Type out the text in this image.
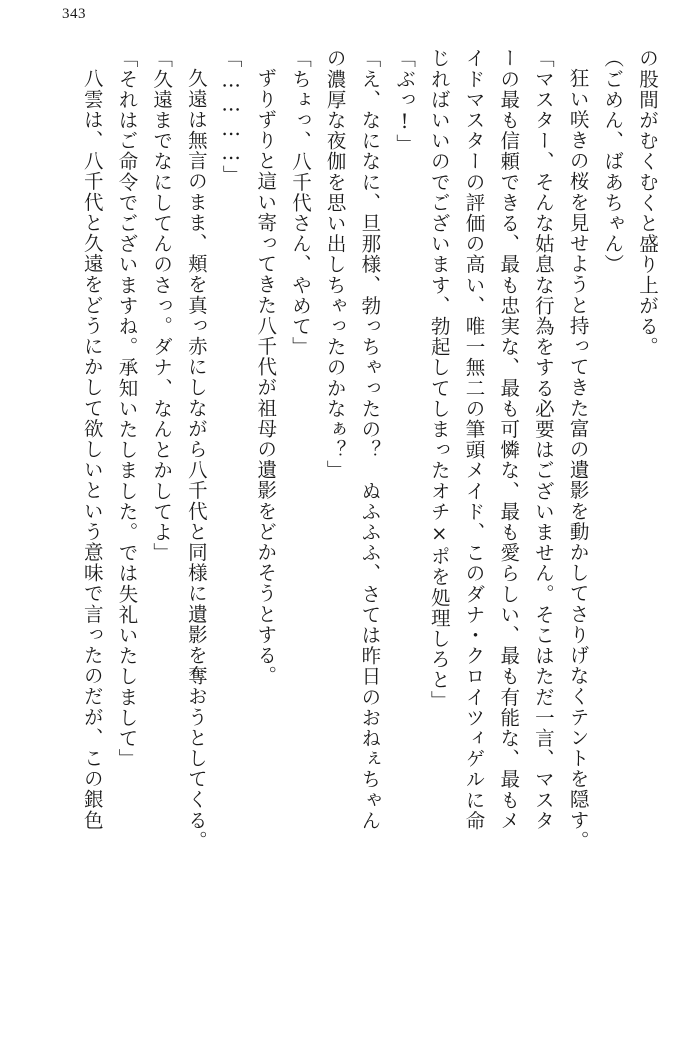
343
の股間がむくむくと盛り上がる。
（ごめん、ばあちゃん）
狂い咲きの桜を見せようと持ってきた富の遺影を動かしてさりげなくテントを隠す。
「マスター、そんな姑息な行為をする必要はございません。そこはただ一言、マスタ
ーの最も信頼できる、最も忠実な、最も可憐な、最も愛らしい、最も有能な、最もメ
イドマスターの評価の高い、唯一無二の筆頭メイド、このダナ・クロイツィゲルに命
じればいいのでございます、勃起してしまったオチ×ポを処理しろと」
「ぶっ!」
「え、なになに、旦那様、勃っちゃったの？　ぬふふふ、さては昨日のおねぇちゃん
の濃厚な夜伽を思い出しちゃったのかなぁ？」
「ちょっ、八千代さん、やめて」
ずりずりと這い寄ってきた八千代が祖母の遺影をどかそうとする。
「…………」
久遠は無言のまま、頬を真っ赤にしながら八千代と同様に遺影を奪おうとしてくる。
「久遠までなにしてんのさっ。ダナ、なんとかしてよ」
「それはご命令でございますね。承知いたしました。では失礼いたしまして」
八雲は、八千代と久遠をどうにかして欲しいという意味で言ったのだが、この銀色
